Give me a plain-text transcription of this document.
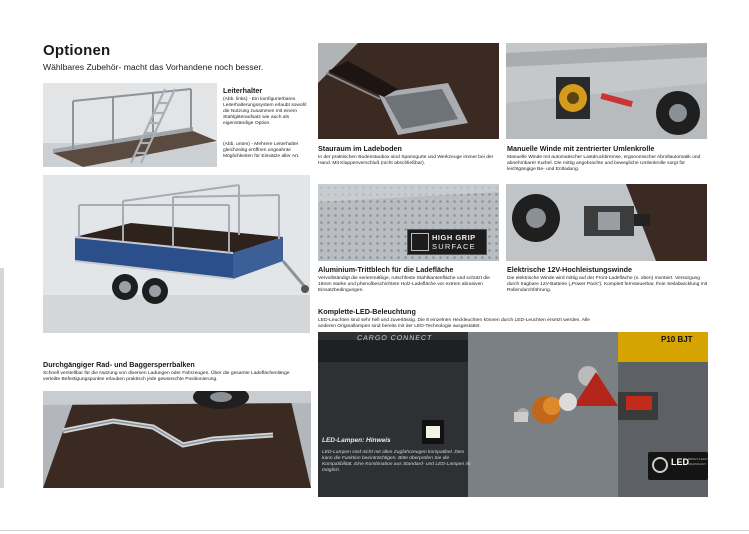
Optionen
Wählbares Zubehör- macht das Vorhandene noch besser.
Leiterhalter
(Abb. links) - Ein konfigurierbares Leiterhalterungssystem erlaubt sowohl die Nutzung zusammen mit einem Stahlgitteraufsatz wie auch als eigenständige Option.
(Abb. unten) - Mehrere Leiterhalter gleichzeitig eröffnen ungeahnte Möglichkeiten für Einsätze aller Art.
Stauraum im Ladeboden
In der praktischen Bodenstaubox sind Spanngurte und Werkzeuge immer bei der Hand. Mit Klappenverschluß (nicht abschließbar).
Manuelle Winde mit zentrierter Umlenkrolle
Manuelle Winde mit automatischer Lastdruckbremse, ergonomischer Abrollautomatik und abnehmbarer Kurbel. Die mittig angebrachte und bewegliche Umlenkrolle sorgt für leichtgängige Be- und Entladung.
HIGH GRIP
SURFACE
Aluminium-Trittblech für die Ladefläche
Vervollständigt die serienmäßige, rutschfeste Stahlkantenfläche und schützt die 18mm starke und phenolbeschichtete Holz-Ladefläche vor extrem abrasiven Einsatzbedingungen.
Elektrische 12V-Hochleistungswinde
Die elektrische Winde wird mittig auf der Front-Ladefläche (s. oben) montiert. Versorgung durch tragbare 12V-Batterie („Power Pack"). Komplett fernsteuerbar, freie Seilabwicklung mit Rollendurchführung.
Komplette-LED-Beleuchtung
LED-Leuchten sind sehr hell und zuverlässig. Die 8 einzelnen Heckleuchten können durch LED-Leuchten ersetzt werden. Alle anderen Originallampen sind bereits mit der LED-Technologie ausgestattet.
CARGO CONNECT	P10 BJT
LED-Lampen: Hinweis
LED-Lampen sind nicht mit allen Zugfahrzeugen kompatibel. Dies kann die Funktion beeinträchtigen. Bitte überprüfen Sie die Kompatibilität. Eine Kombination aus Standard- und LED-Lampen ist möglich.
LED BRIGHT & EASY
TECHNOLOGY
Durchgängiger Rad- und Baggersperrbalken
Schnell verstellbar für die Nutzung von diversen Ladungen oder Fahrzeugen. Über die gesamte Ladeflächenlänge verteilte Befestigungspunkte erlauben praktisch jede gewünschte Positionierung.
